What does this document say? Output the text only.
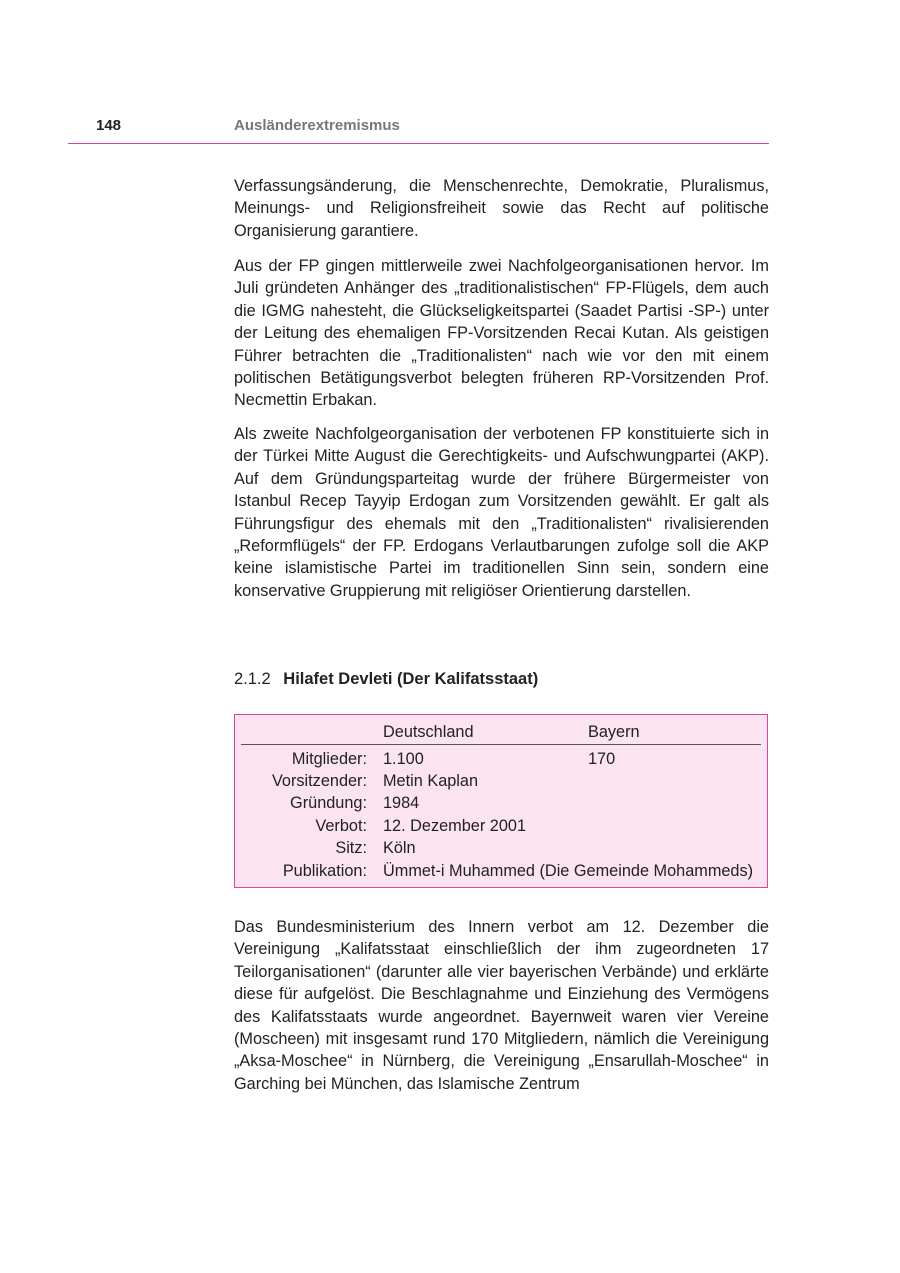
148	Ausländerextremismus

Verfassungsänderung, die Menschenrechte, Demokratie, Pluralismus, Meinungs- und Religionsfreiheit sowie das Recht auf politische Organisierung garantiere.

Aus der FP gingen mittlerweile zwei Nachfolgeorganisationen hervor. Im Juli gründeten Anhänger des „traditionalistischen“ FP-Flügels, dem auch die IGMG nahesteht, die Glückseligkeitspartei (Saadet Partisi -SP-) unter der Leitung des ehemaligen FP-Vorsitzenden Recai Kutan. Als geistigen Führer betrachten die „Traditionalisten“ nach wie vor den mit einem politischen Betätigungsverbot belegten früheren RP-Vorsitzenden Prof. Necmettin Erbakan.

Als zweite Nachfolgeorganisation der verbotenen FP konstituierte sich in der Türkei Mitte August die Gerechtigkeits- und Aufschwungpartei (AKP). Auf dem Gründungsparteitag wurde der frühere Bürgermeister von Istanbul Recep Tayyip Erdogan zum Vorsitzenden gewählt. Er galt als Führungsfigur des ehemals mit den „Traditionalisten“ rivalisierenden „Reformflügels“ der FP. Erdogans Verlautbarungen zufolge soll die AKP keine islamistische Partei im traditionellen Sinn sein, sondern eine konservative Gruppierung mit religiöser Orientierung darstellen.

2.1.2 Hilafet Devleti (Der Kalifatsstaat)
Deutschland	Bayern
Mitglieder: 1.100	170
Vorsitzender: Metin Kaplan
Gründung: 1984
Verbot: 12. Dezember 2001
Sitz: Köln
Publikation: Ümmet-i Muhammed (Die Gemeinde Mohammeds)

Das Bundesministerium des Innern verbot am 12. Dezember die Vereinigung „Kalifatsstaat einschließlich der ihm zugeordneten 17 Teilorganisationen“ (darunter alle vier bayerischen Verbände) und erklärte diese für aufgelöst. Die Beschlagnahme und Einziehung des Vermögens des Kalifatsstaats wurde angeordnet. Bayernweit waren vier Vereine (Moscheen) mit insgesamt rund 170 Mitgliedern, nämlich die Vereinigung „Aksa-Moschee“ in Nürnberg, die Vereinigung „Ensarullah-Moschee“ in Garching bei München, das Islamische Zentrum
